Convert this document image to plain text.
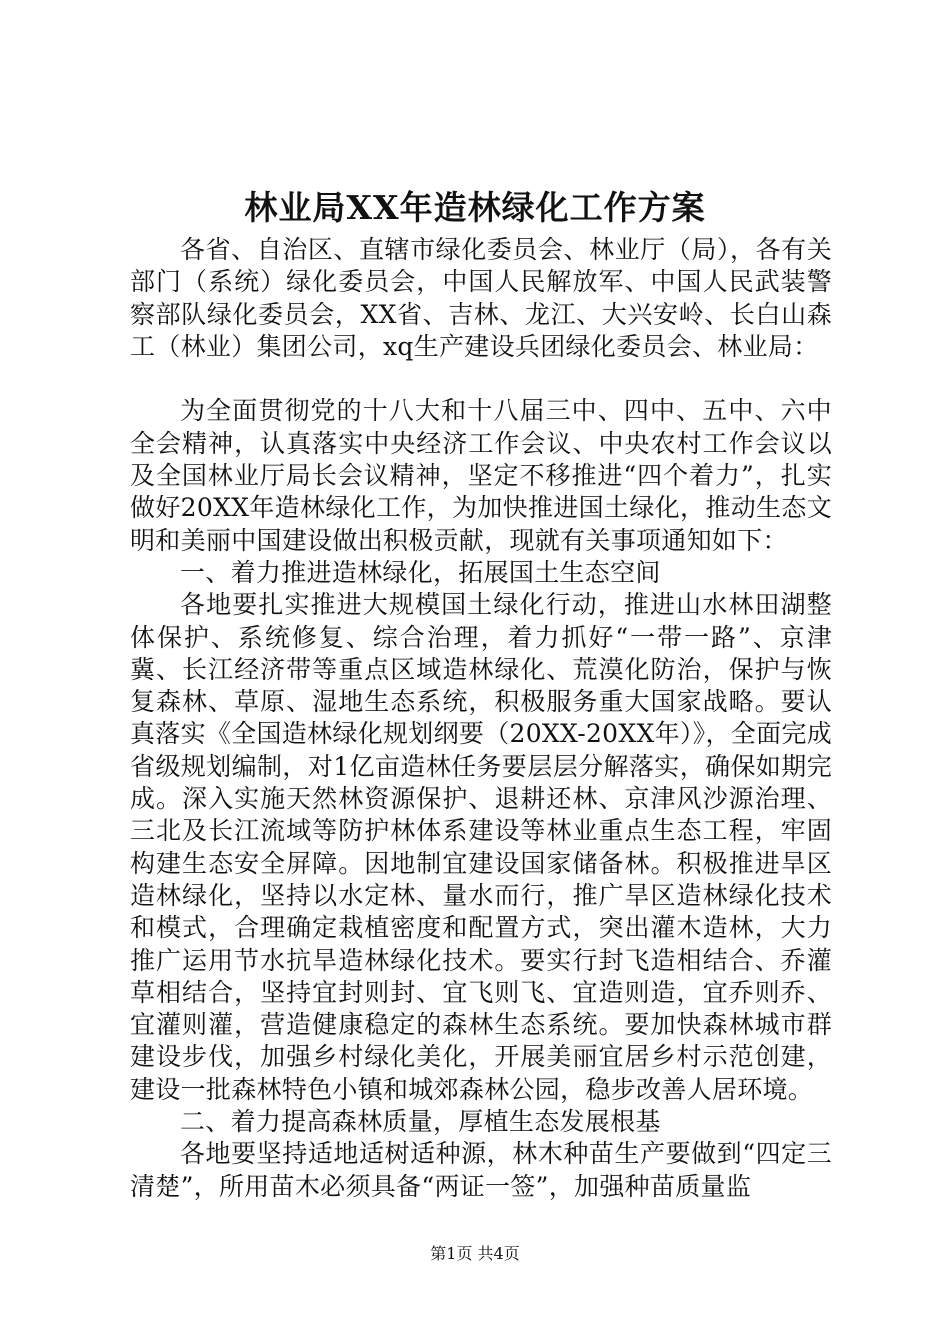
林业局XX年造林绿化工作方案

各省、自治区、直辖市绿化委员会、林业厅（局），各有关部门（系统）绿化委员会，中国人民解放军、中国人民武装警察部队绿化委员会，XX省、吉林、龙江、大兴安岭、长白山森工（林业）集团公司，xq生产建设兵团绿化委员会、林业局：

为全面贯彻党的十八大和十八届三中、四中、五中、六中全会精神，认真落实中央经济工作会议、中央农村工作会议以及全国林业厅局长会议精神，坚定不移推进“四个着力”，扎实做好20XX年造林绿化工作，为加快推进国土绿化，推动生态文明和美丽中国建设做出积极贡献，现就有关事项通知如下：

一、着力推进造林绿化，拓展国土生态空间

各地要扎实推进大规模国土绿化行动，推进山水林田湖整体保护、系统修复、综合治理，着力抓好“一带一路”、京津冀、长江经济带等重点区域造林绿化、荒漠化防治，保护与恢复森林、草原、湿地生态系统，积极服务重大国家战略。要认真落实《全国造林绿化规划纲要（20XX-20XX年）》，全面完成省级规划编制，对1亿亩造林任务要层层分解落实，确保如期完成。深入实施天然林资源保护、退耕还林、京津风沙源治理、三北及长江流域等防护林体系建设等林业重点生态工程，牢固构建生态安全屏障。因地制宜建设国家储备林。积极推进旱区造林绿化，坚持以水定林、量水而行，推广旱区造林绿化技术和模式，合理确定栽植密度和配置方式，突出灌木造林，大力推广运用节水抗旱造林绿化技术。要实行封飞造相结合、乔灌草相结合，坚持宜封则封、宜飞则飞、宜造则造，宜乔则乔、宜灌则灌，营造健康稳定的森林生态系统。要加快森林城市群建设步伐，加强乡村绿化美化，开展美丽宜居乡村示范创建，建设一批森林特色小镇和城郊森林公园，稳步改善人居环境。

二、着力提高森林质量，厚植生态发展根基

各地要坚持适地适树适种源，林木种苗生产要做到“四定三清楚”，所用苗木必须具备“两证一签”，加强种苗质量监

第1页 共4页
